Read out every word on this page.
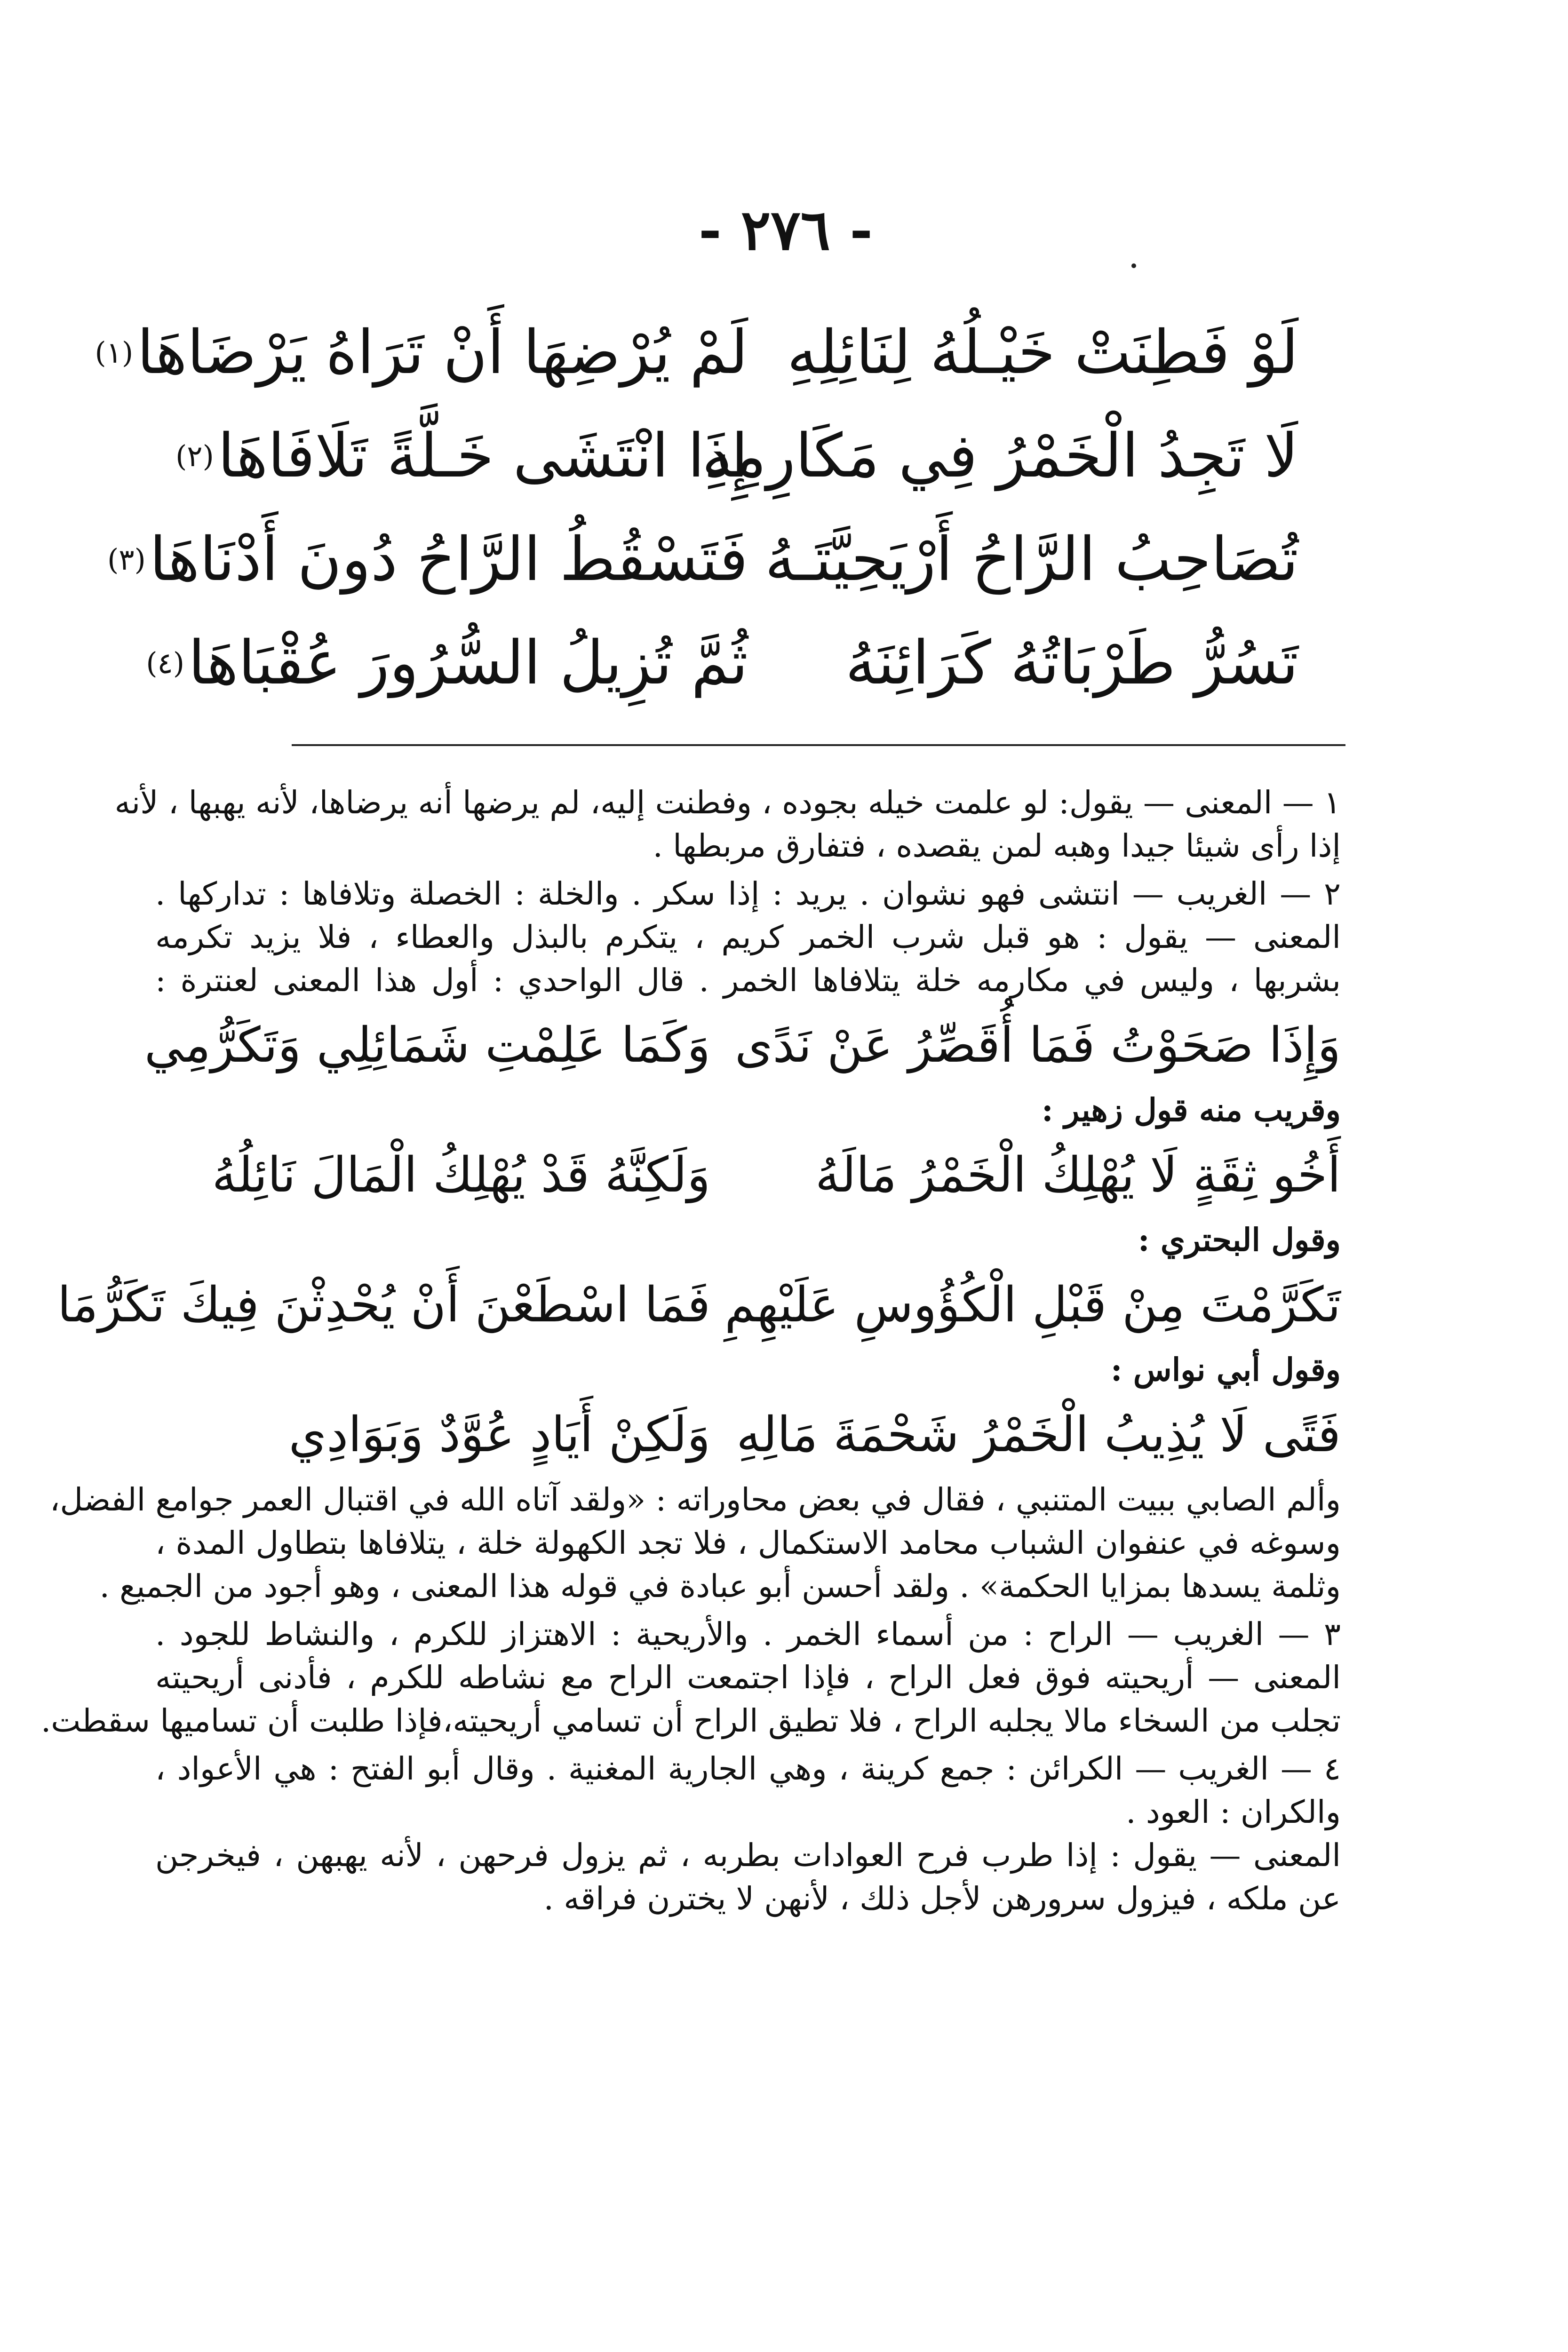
- ٢٧٦ -
لَوْ فَطِنَتْ خَيْـلُهُ لِنَائِلِهِ
لَمْ يُرْضِهَا أَنْ تَرَاهُ يَرْضَاهَا
(١)
لَا تَجِدُ الْخَمْرُ فِي مَكَارِمِهِ
إِذَا انْتَشَى خَـلَّةً تَلَافَاهَا
(٢)
تُصَاحِبُ الرَّاحُ أَرْيَحِيَّتَـهُ
فَتَسْقُطُ الرَّاحُ دُونَ أَدْنَاهَا
(٣)
تَسُرُّ طَرْبَاتُهُ كَرَائِنَهُ
ثُمَّ تُزِيلُ السُّرُورَ عُقْبَاهَا
(٤)
١ — المعنى — يقول: لو علمت خيله بجوده ، وفطنت إليه، لم يرضها أنه يرضاها، لأنه يهبها ، لأنه
إذا رأى شيئا جيدا وهبه لمن يقصده ، فتفارق مربطها .
٢ — الغريب — انتشى فهو نشوان . يريد : إذا سكر . والخلة : الخصلة وتلافاها : تداركها .
المعنى — يقول : هو قبل شرب الخمر كريم ، يتكرم بالبذل والعطاء ، فلا يزيد تكرمه
بشربها ، وليس في مكارمه خلة يتلافاها الخمر . قال الواحدي : أول هذا المعنى لعنترة :
وَإِذَا صَحَوْتُ فَمَا أُقَصِّرُ عَنْ نَدًى
وَكَمَا عَلِمْتِ شَمَائِلِي وَتَكَرُّمِي
وقريب منه قول زهير :
أَخُو ثِقَةٍ لَا يُهْلِكُ الْخَمْرُ مَالَهُ
وَلَكِنَّهُ قَدْ يُهْلِكُ الْمَالَ نَائِلُهُ
وقول البحتري :
تَكَرَّمْتَ مِنْ قَبْلِ الْكُؤُوسِ عَلَيْهِمِ
فَمَا اسْطَعْنَ أَنْ يُحْدِثْنَ فِيكَ تَكَرُّمَا
وقول أبي نواس :
فَتًى لَا يُذِيبُ الْخَمْرُ شَحْمَةَ مَالِهِ
وَلَكِنْ أَيَادٍ عُوَّدٌ وَبَوَادِي
وألم الصابي ببيت المتنبي ، فقال في بعض محاوراته : «ولقد آتاه الله في اقتبال العمر جوامع الفضل،
وسوغه في عنفوان الشباب محامد الاستكمال ، فلا تجد الكهولة خلة ، يتلافاها بتطاول المدة ،
وثلمة يسدها بمزايا الحكمة» . ولقد أحسن أبو عبادة في قوله هذا المعنى ، وهو أجود من الجميع .
٣ — الغريب — الراح : من أسماء الخمر . والأريحية : الاهتزاز للكرم ، والنشاط للجود .
المعنى — أريحيته فوق فعل الراح ، فإذا اجتمعت الراح مع نشاطه للكرم ، فأدنى أريحيته
تجلب من السخاء مالا يجلبه الراح ، فلا تطيق الراح أن تسامي أريحيته،فإذا طلبت أن تساميها سقطت.
٤ — الغريب — الكرائن : جمع كرينة ، وهي الجارية المغنية . وقال أبو الفتح : هي الأعواد ،
والكران : العود .
المعنى — يقول : إذا طرب فرح العوادات بطربه ، ثم يزول فرحهن ، لأنه يهبهن ، فيخرجن
عن ملكه ، فيزول سرورهن لأجل ذلك ، لأنهن لا يخترن فراقه .
